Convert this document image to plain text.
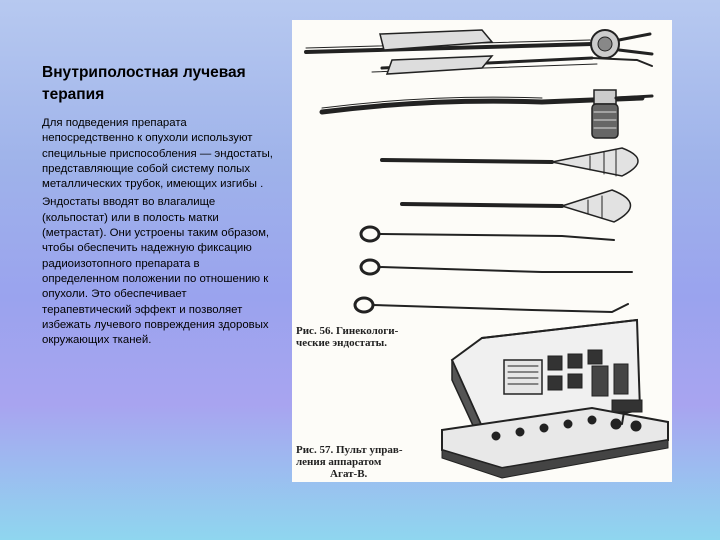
Внутриполостная лучевая терапия
Для подведения препарата непосредственно к опухоли используют специльные приспособления — эндостаты, представляющие собой систему полых металлических трубок, имеющих изгибы .
Эндостаты вводят во влагалище (кольпостат) или в полость матки (метрастат). Они устроены таким образом, чтобы обеспечить надежную фиксацию радиоизотопного препарата в определенном положении по отношению к опухоли. Это обеспечивает терапевтический эффект и позволяет избежать лучевого повреждения здоровых окружающих тканей.
Рис. 56. Гинекологи-
ческие эндостаты.
Рис. 57. Пульт управ-
ления аппаратом
Агат-В.
